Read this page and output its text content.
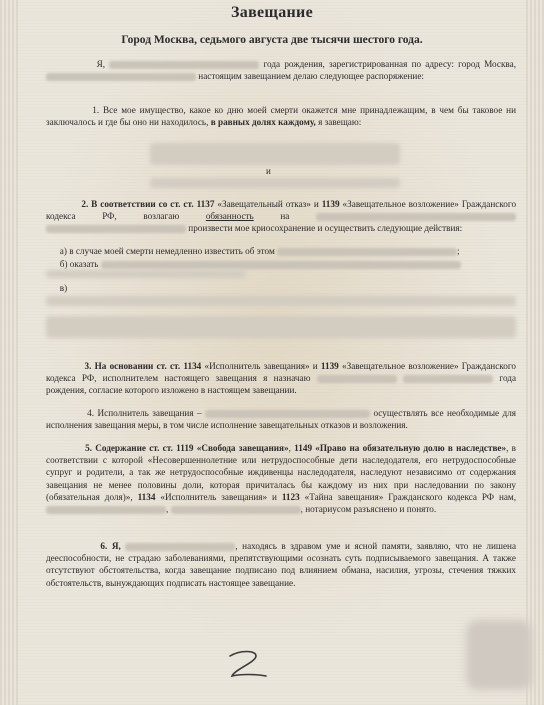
Завещание
Город Москва, седьмого августа две тысячи шестого года.
Я,	года рождения, зарегистрированная по адресу: город Москва,  настоящим завещанием делаю следующее распоряжение:
1. Все мое имущество, какое ко дню моей смерти окажется мне принадлежащим, в чем бы таковое ни заключалось и где бы оно ни находилось, в равных долях каждому, я завещаю:
и
2. В соответствии со ст. ст. 1137 «Завещательный отказ» и 1139 «Завещательное возложение» Гражданского кодекса РФ, возлагаю	обязанность	на   произвести мое криосохранение и осуществить следующие действия:
а) в случае моей смерти немедленно известить об этом	;
б) оказать
в)
3. На основании ст. ст. 1134 «Исполнитель завещания» и 1139 «Завещательное возложение» Гражданского кодекса РФ, исполнителем настоящего завещания я назначаю	года рождения, согласие которого изложено в настоящем завещании.
4. Исполнитель завещания –	осуществлять все необходимые для исполнения завещания меры, в том числе исполнение завещательных отказов и возложения.
5. Содержание ст. ст. 1119 «Свобода завещания», 1149 «Право на обязательную долю в наследстве», в соответствии с которой «Несовершеннолетние или нетрудоспособные дети наследодателя, его нетрудоспособные супруг и родители, а так же нетрудоспособные иждивенцы наследодателя, наследуют независимо от содержания завещания не менее половины доли, которая причиталась бы каждому из них при наследовании по закону (обязательная доля)», 1134 «Исполнитель завещания» и 1123 «Тайна завещания» Гражданского кодекса РФ нам, ,	, нотариусом разъяснено и понято.
6. Я,	, находясь в здравом уме и ясной памяти, заявляю, что не лишена дееспособности, не страдаю заболеваниями, препятствующими осознать суть подписываемого завещания. А также отсутствуют обстоятельства, когда завещание подписано под влиянием обмана, насилия, угрозы, стечения тяжких обстоятельств, вынуждающих подписать настоящее завещание.
